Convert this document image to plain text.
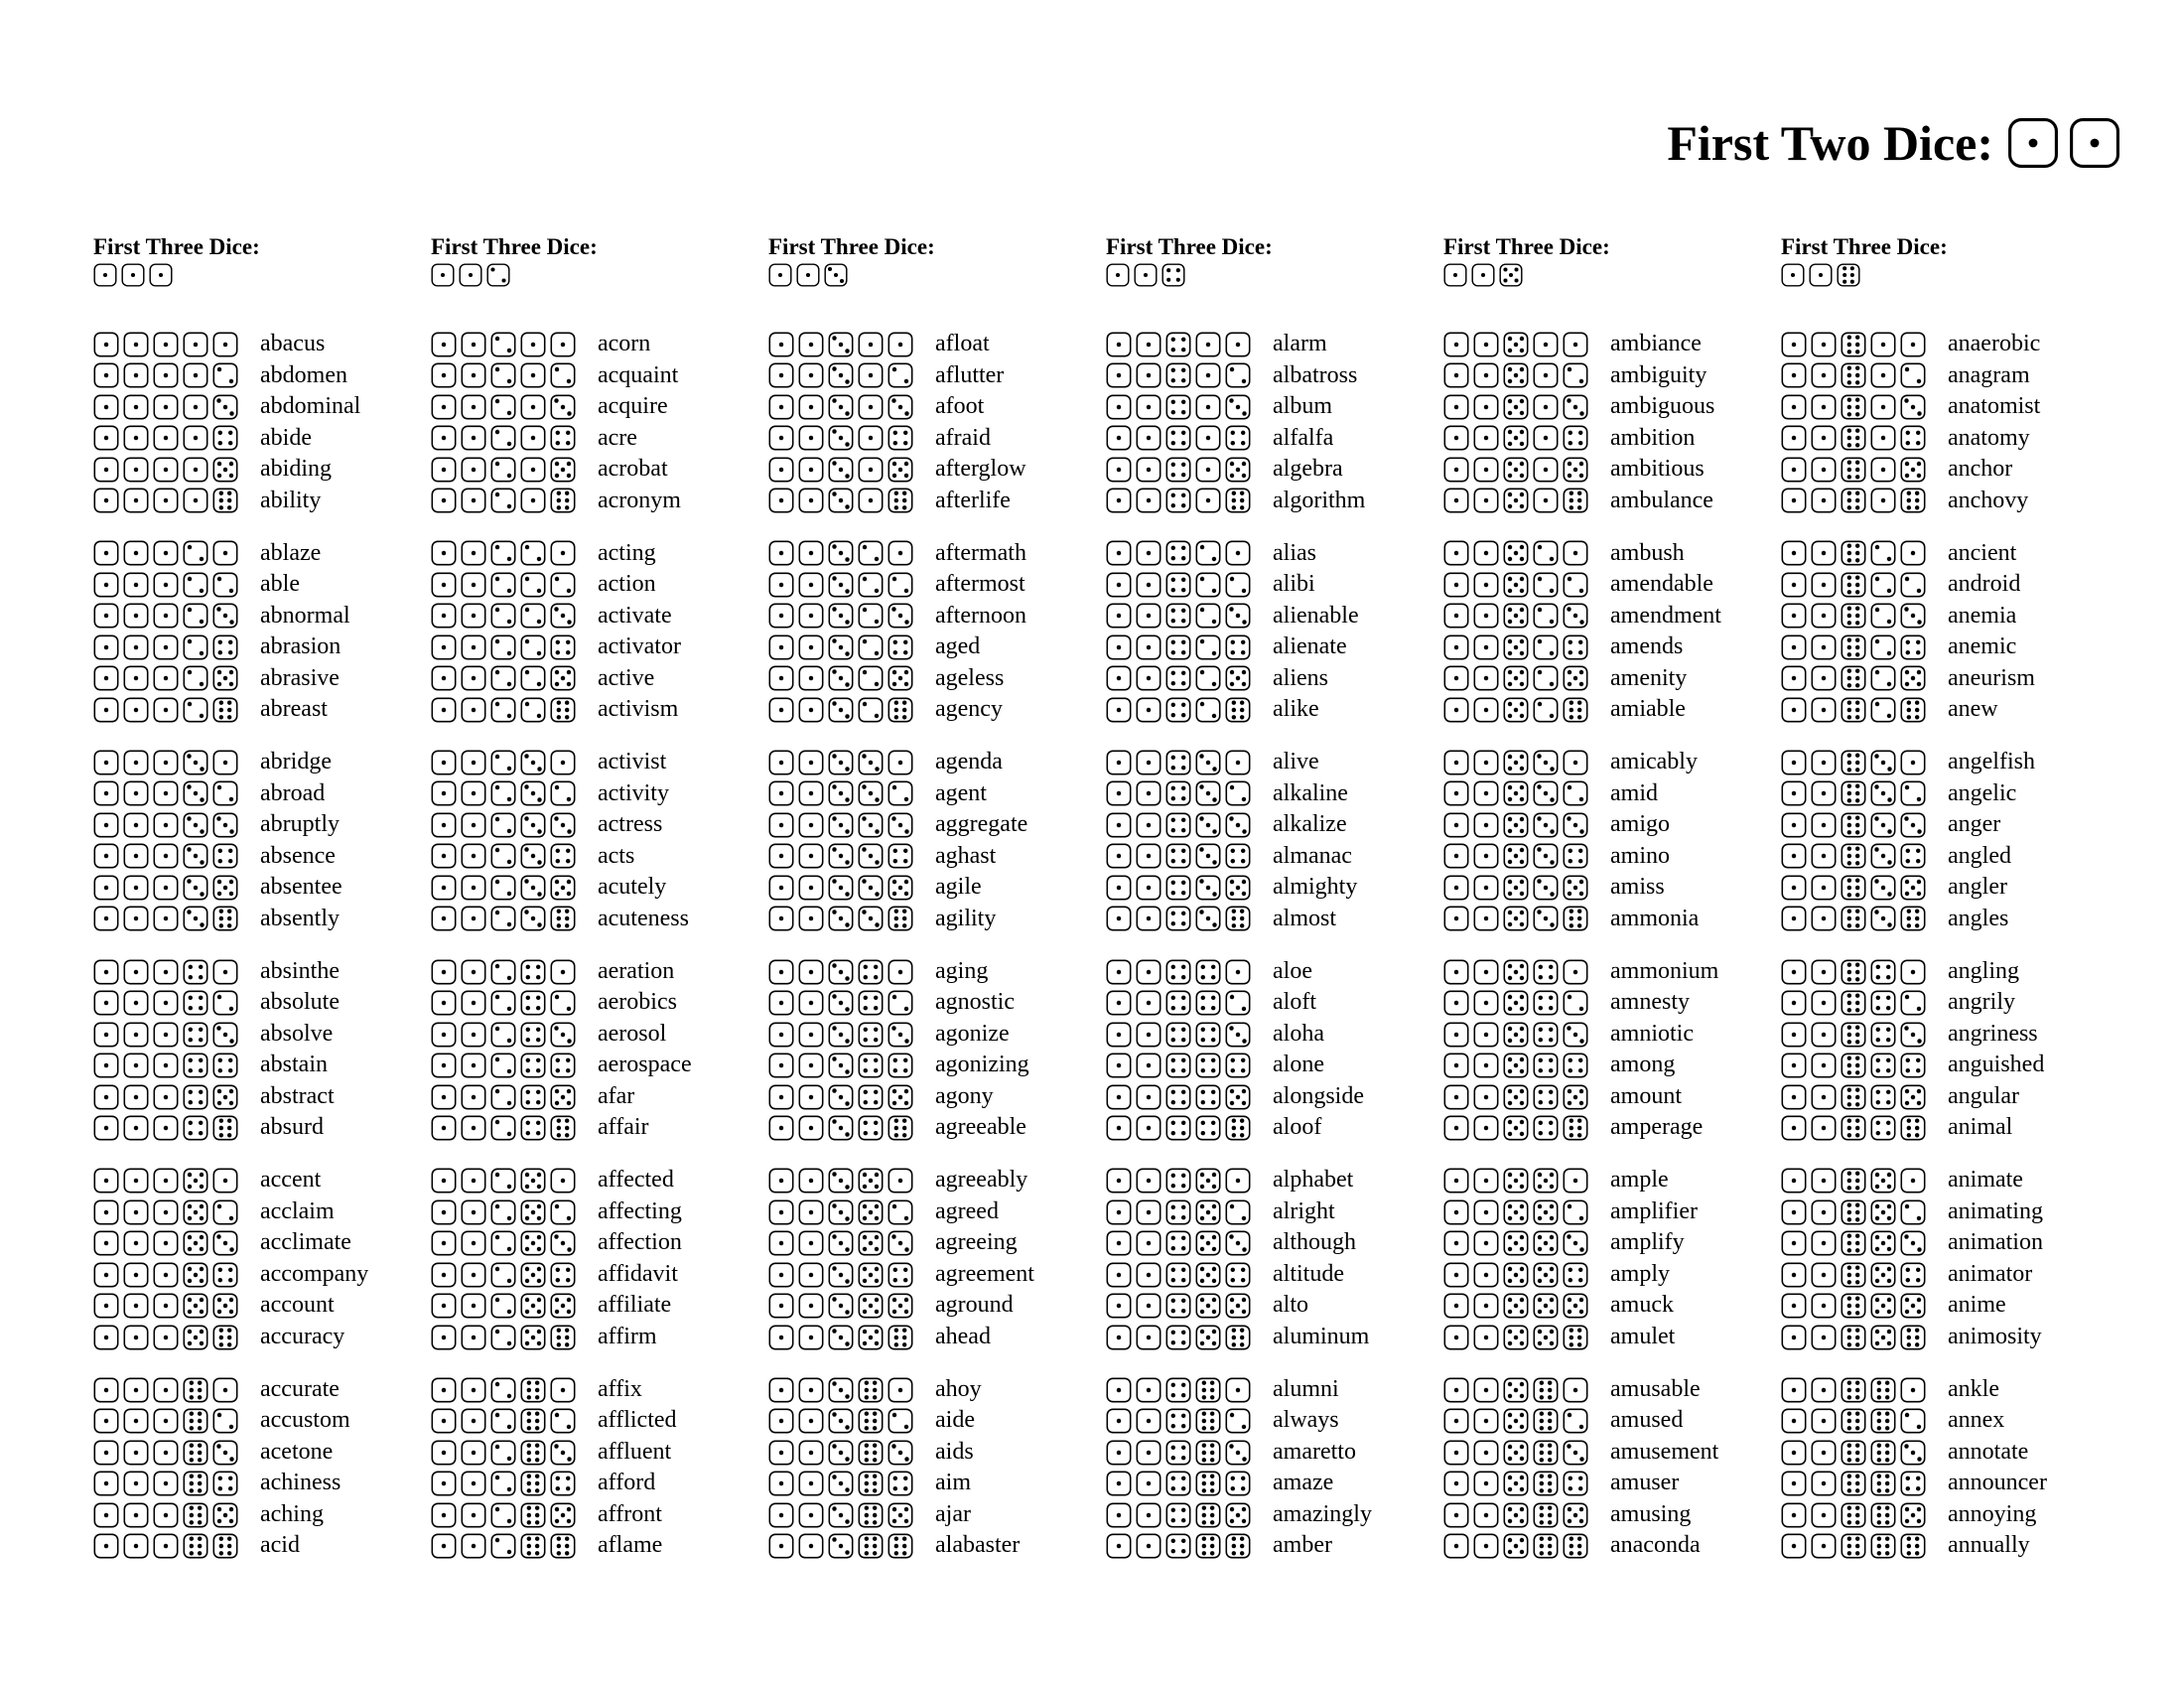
First Two Dice:
First Three Dice:
abacus
abdomen
abdominal
abide
abiding
ability
ablaze
able
abnormal
abrasion
abrasive
abreast
abridge
abroad
abruptly
absence
absentee
absently
absinthe
absolute
absolve
abstain
abstract
absurd
accent
acclaim
acclimate
accompany
account
accuracy
accurate
accustom
acetone
achiness
aching
acid
First Three Dice:
acorn
acquaint
acquire
acre
acrobat
acronym
acting
action
activate
activator
active
activism
activist
activity
actress
acts
acutely
acuteness
aeration
aerobics
aerosol
aerospace
afar
affair
affected
affecting
affection
affidavit
affiliate
affirm
affix
afflicted
affluent
afford
affront
aflame
First Three Dice:
afloat
aflutter
afoot
afraid
afterglow
afterlife
aftermath
aftermost
afternoon
aged
ageless
agency
agenda
agent
aggregate
aghast
agile
agility
aging
agnostic
agonize
agonizing
agony
agreeable
agreeably
agreed
agreeing
agreement
aground
ahead
ahoy
aide
aids
aim
ajar
alabaster
First Three Dice:
alarm
albatross
album
alfalfa
algebra
algorithm
alias
alibi
alienable
alienate
aliens
alike
alive
alkaline
alkalize
almanac
almighty
almost
aloe
aloft
aloha
alone
alongside
aloof
alphabet
alright
although
altitude
alto
aluminum
alumni
always
amaretto
amaze
amazingly
amber
First Three Dice:
ambiance
ambiguity
ambiguous
ambition
ambitious
ambulance
ambush
amendable
amendment
amends
amenity
amiable
amicably
amid
amigo
amino
amiss
ammonia
ammonium
amnesty
amniotic
among
amount
amperage
ample
amplifier
amplify
amply
amuck
amulet
amusable
amused
amusement
amuser
amusing
anaconda
First Three Dice:
anaerobic
anagram
anatomist
anatomy
anchor
anchovy
ancient
android
anemia
anemic
aneurism
anew
angelfish
angelic
anger
angled
angler
angles
angling
angrily
angriness
anguished
angular
animal
animate
animating
animation
animator
anime
animosity
ankle
annex
annotate
announcer
annoying
annually
